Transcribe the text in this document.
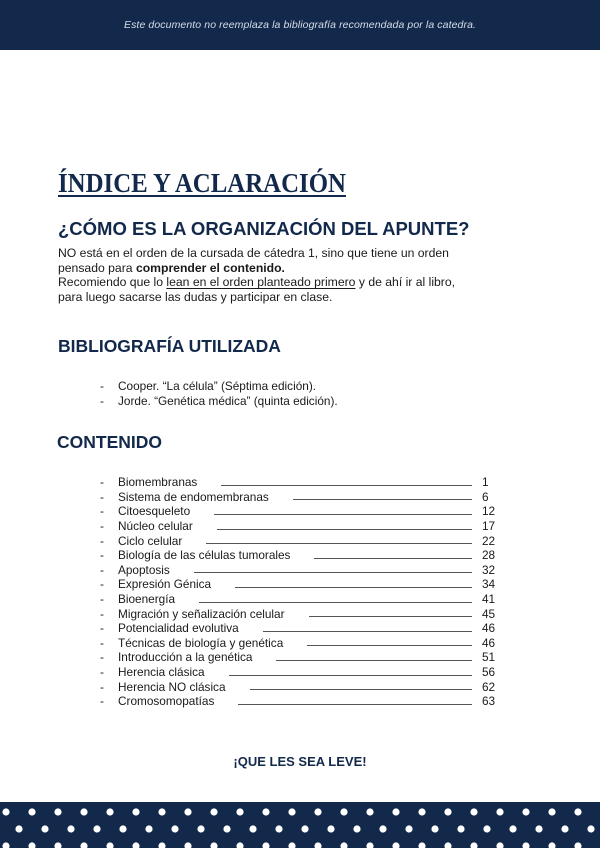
Este documento no reemplaza la bibliografía recomendada por la catedra.
ÍNDICE Y ACLARACIÓN
¿CÓMO ES LA ORGANIZACIÓN DEL APUNTE?
NO está en el orden de la cursada de cátedra 1, sino que tiene un orden
pensado para comprender el contenido.
Recomiendo que lo lean en el orden planteado primero y de ahí ir al libro,
para luego sacarse las dudas y participar en clase.
BIBLIOGRAFÍA UTILIZADA
-	Cooper. “La célula” (Séptima edición).
-	Jorde. “Genética médica” (quinta edición).
CONTENIDO
-	Biomembranas	1
-	Sistema de endomembranas	6
-	Citoesqueleto	12
-	Núcleo celular	17
-	Ciclo celular	22
-	Biología de las células tumorales	28
-	Apoptosis	32
-	Expresión Génica	34
-	Bioenergía	41
-	Migración y señalización celular	45
-	Potencialidad evolutiva	46
-	Técnicas de biología y genética	46
-	Introducción a la genética	51
-	Herencia clásica	56
-	Herencia NO clásica	62
-	Cromosomopatías	63
¡QUE LES SEA LEVE!
